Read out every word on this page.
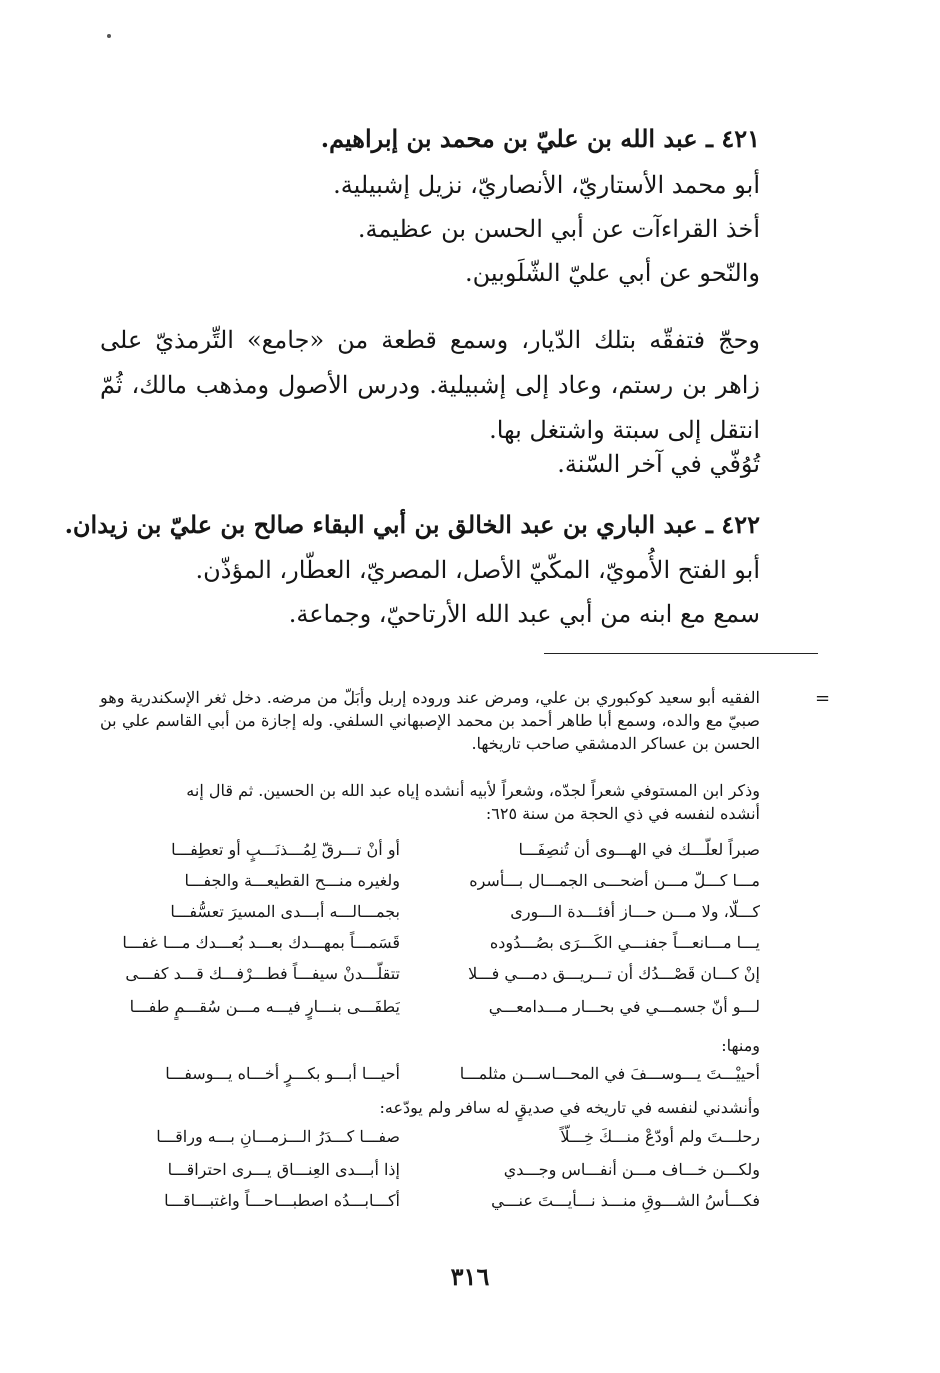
٤٢١ ـ عبد الله بن عليّ بن محمد بن إبراهيم.
أبو محمد الأستاريّ، الأنصاريّ، نزيل إشبيلية.
أخذ القراءآت عن أبي الحسن بن عظيمة.
والنّحو عن أبي عليّ الشّلَوبين.
وحجّ فتفقّه بتلك الدّيار، وسمع قطعة من «جامع» التِّرمذيّ على زاهر بن رستم، وعاد إلى إشبيلية. ودرس الأصول ومذهب مالك، ثُمّ انتقل إلى سبتة واشتغل بها.
تُوُفّي في آخر السّنة.
٤٢٢ ـ عبد الباري بن عبد الخالق بن أبي البقاء صالح بن عليّ بن زيدان.
أبو الفتح الأُمويّ، المكّيّ الأصل، المصريّ، العطّار، المؤذّن.
سمع مع ابنه من أبي عبد الله الأرتاحيّ، وجماعة.
=
الفقيه أبو سعيد كوكبوري بن علي، ومرض عند وروده إربل وأبَلّ من مرضه. دخل ثغر الإسكندرية وهو صبيّ مع والده، وسمع أبا طاهر أحمد بن محمد الإصبهاني السلفي. وله إجازة من أبي القاسم علي بن الحسن بن عساكر الدمشقي صاحب تاريخها.
وذكر ابن المستوفي شعراً لجدّه، وشعراً لأبيه أنشده إياه عبد الله بن الحسين. ثم قال إنه
أنشده لنفسه في ذي الحجة من سنة ٦٢٥:
صبراً لعلّـــك في الهـــوى أن تُنصِفَـــا
أو أنْ تـــرقّ لِمُـــذنَـــبٍ أو تعطِفـــا
مـــا كـــلّ مـــن أضحـــى الجمـــال بـــأسره
ولغيره منـــح القطيعـــة والجفـــا
كـــلّا، ولا مـــن حـــاز أفئـــدة الـــورى
بجمـــالـــه أبـــدى المسيرَ تعسُّفـــا
يـــا مـــانعـــاً جفنـــي الكَـــرَى بصُـــدُوده
قَسَمـــاً بمهـــدك بعـــد بُعـــدك مـــا غفـــا
إنْ كـــان قَصْـــدُك أن تـــريـــق دمـــي فـــلا
تتقلّـــدنْ سيفـــاً فطـــرْفـــك قـــد كفـــى
لـــو أنّ جسمـــي في بحـــار مـــدامعـــي
يَطفَـــى بنـــارٍ فيـــه مـــن سُقـــمٍ طفـــا
ومنها:
أحييْـــتَ يـــوســـفَ في المحـــاســـن مثلمـــا
أحيـــا أبـــو بكـــرٍ أخـــاه يـــوسفـــا
وأنشدني لنفسه في تاريخه في صديقٍ له سافر ولم يودّعه:
رحلـــتَ ولم أودّعْ منـــكَ خِـــلّاً
صفـــا كـــدَرُ الـــزمـــانِ بـــه وراقـــا
ولكـــن خـــاف مـــن أنفـــاس وجـــدي
إذا أبـــدى العِنـــاق يـــرى احتراقـــا
فكـــأسُ الشـــوقِ منـــذ نـــأيـــتَ عنـــي
أكـــابـــدُه اصطبـــاحـــاً واغتبـــاقـــا
٣١٦
